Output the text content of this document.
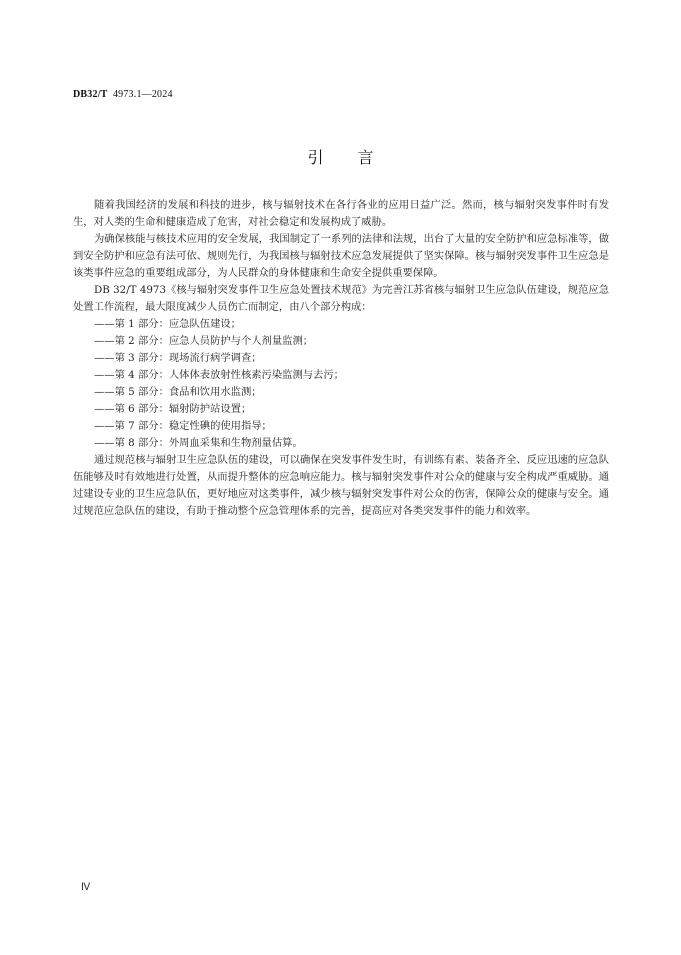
DB32/T  4973.1—2024
引言

随着我国经济的发展和科技的进步，核与辐射技术在各行各业的应用日益广泛。然而，核与辐射突发事件时有发生，对人类的生命和健康造成了危害，对社会稳定和发展构成了威胁。

为确保核能与核技术应用的安全发展，我国制定了一系列的法律和法规，出台了大量的安全防护和应急标准等，做到安全防护和应急有法可依、规则先行，为我国核与辐射技术应急发展提供了坚实保障。核与辐射突发事件卫生应急是该类事件应急的重要组成部分，为人民群众的身体健康和生命安全提供重要保障。

DB 32/T 4973《核与辐射突发事件卫生应急处置技术规范》为完善江苏省核与辐射卫生应急队伍建设，规范应急处置工作流程，最大限度减少人员伤亡而制定，由八个部分构成：

——第 1 部分：应急队伍建设；
——第 2 部分：应急人员防护与个人剂量监测；
——第 3 部分：现场流行病学调查；
——第 4 部分：人体体表放射性核素污染监测与去污；
——第 5 部分：食品和饮用水监测；
——第 6 部分：辐射防护站设置；
——第 7 部分：稳定性碘的使用指导；
——第 8 部分：外周血采集和生物剂量估算。

通过规范核与辐射卫生应急队伍的建设，可以确保在突发事件发生时，有训练有素、装备齐全、反应迅速的应急队伍能够及时有效地进行处置，从而提升整体的应急响应能力。核与辐射突发事件对公众的健康与安全构成严重威胁。通过建设专业的卫生应急队伍，更好地应对这类事件，减少核与辐射突发事件对公众的伤害，保障公众的健康与安全。通过规范应急队伍的建设，有助于推动整个应急管理体系的完善，提高应对各类突发事件的能力和效率。

Ⅳ
